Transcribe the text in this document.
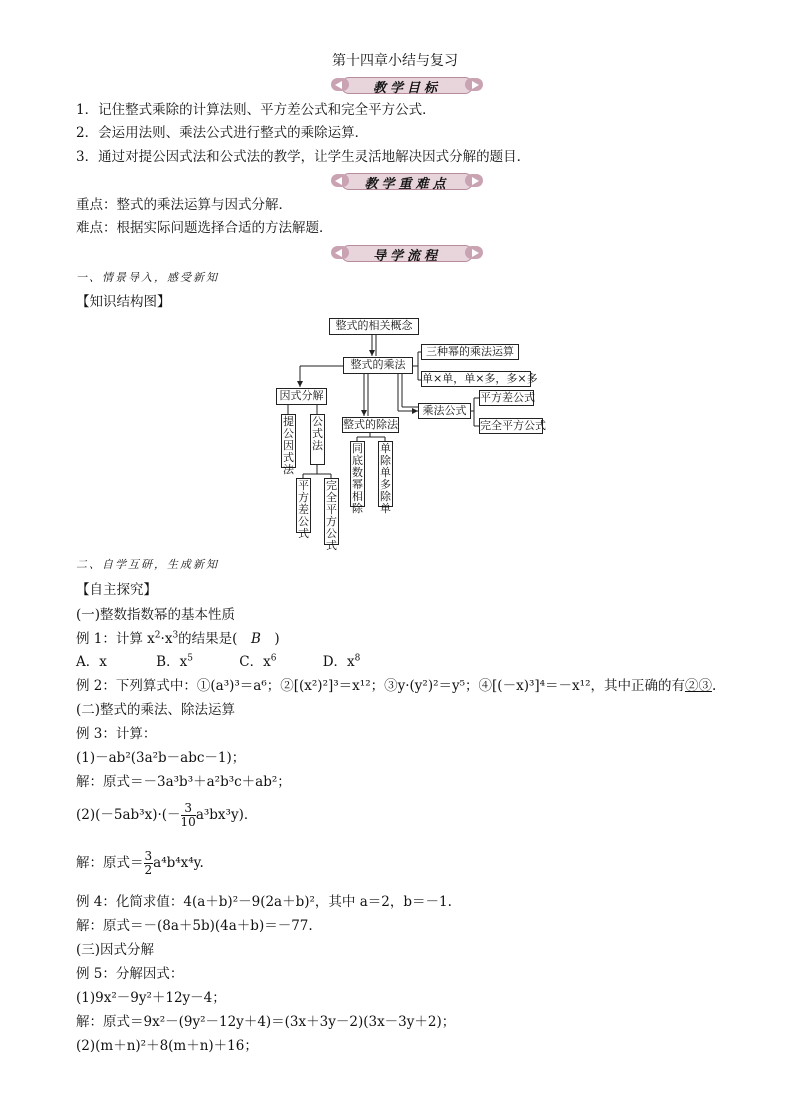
第十四章小结与复习
教学目标
1．记住整式乘除的计算法则、平方差公式和完全平方公式．
2．会运用法则、乘法公式进行整式的乘除运算．
3．通过对提公因式法和公式法的教学，让学生灵活地解决因式分解的题目．
教学重难点
重点：整式的乘法运算与因式分解．
难点：根据实际问题选择合适的方法解题．
导学流程
一、情景导入，感受新知
【知识结构图】
整式的相关概念
整式的乘法
三种幂的乘法运算
单×单，单×多，多×多
乘法公式
平方差公式
完全平方公式
因式分解
提公因式法
公式法
平方差公式
完全平方公式
整式的除法
同底数幂相除
单除单多除单
二、自学互研，生成新知
【自主探究】
(一)整数指数幂的基本性质
例 1：计算 $x^2\cdot x^3$的结果是(　B　)
A．x	B．$x^5$	C．$x^6$	D．$x^8$
例 2：下列算式中：①(a³)³＝a⁶；②[(x²)²]³＝x¹²；③y·(y²)²＝y⁵；④[(－x)³]⁴＝－x¹²，其中正确的有②③.
(二)整式的乘法、除法运算
例 3：计算：
(1)－ab²(3a²b－abc－1)；
解：原式＝－3a³b³＋a²b³c＋ab²；
$(2)(-5ab^3x)\cdot(- \frac{3}{10} a^3bx^3y)$．
解：原式＝ $\frac{3}{2} a^4b^4x^4y$.
例 4：化简求值：4(a＋b)²－9(2a＋b)²，其中 a＝2，b＝－1.
解：原式＝－(8a＋5b)(4a＋b)＝－77.
(三)因式分解
例 5：分解因式：
(1)9x²－9y²＋12y－4；
解：原式＝9x²－(9y²－12y＋4)＝(3x＋3y－2)(3x－3y＋2)；
(2)(m＋n)²＋8(m＋n)＋16；
